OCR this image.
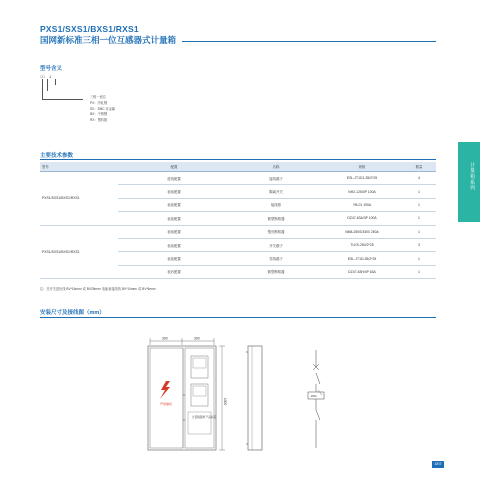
PXS1/SXS1/BXS1/RXS1
国网新标准三相一位互感器式计量箱
型号含义
□□ 1
三相一表位
PX：冷轧钢
SX：SMC 非金属
BX：不锈钢
RX：塑料箱
主要技术参数
型号	配置	名称	规格	数量
PXS1/SXS1/BXS1/RXS1	进线配置	接线端子	ESL-JT1D1-35/2*25	4
	表前配置	隔离开关	NH2-125/4P 100A	1
	表前配置	接线排	YB-01 190A	1
	表前配置	微型断路器	DZ47-63A/3P 100A	1
PXS1/SXS1/BXS1/RXS1	表前配置	塑壳断路器	NM8-250S/3300 250A	1
	表前配置	开关端子	TLKS-250/2*25	3
	表前配置	零线端子	ESL-JT1D-35/2*25	1
	表后配置	微型断路器	DZ47-63H/4P 63A	1
注：总开关进出线 BV*16mm² 或 BV25mm² 电能表接线线 BV*10mm² 或 BV*6mm²
安装尺寸及接线图（mm）
300	300
严禁攀爬
计量箱铭牌 产品标签
1000
kWh
计量箱系列
3/07
